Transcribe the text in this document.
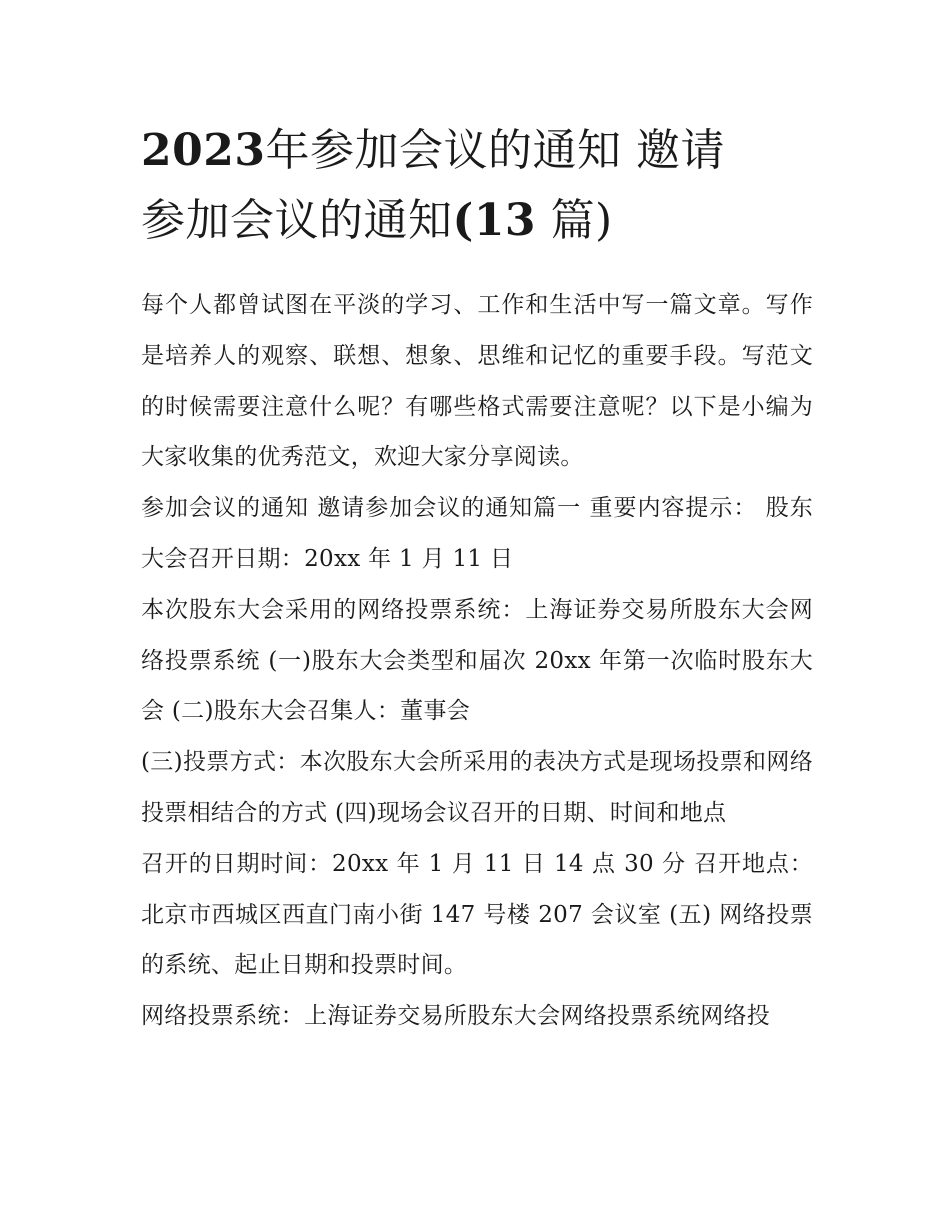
2023年参加会议的通知 邀请
参加会议的通知(13 篇)

每个人都曾试图在平淡的学习、工作和生活中写一篇文章。写作是培养人的观察、联想、想象、思维和记忆的重要手段。写范文的时候需要注意什么呢？有哪些格式需要注意呢？以下是小编为大家收集的优秀范文，欢迎大家分享阅读。

参加会议的通知 邀请参加会议的通知篇一 重要内容提示： 股东大会召开日期：20xx 年 1 月 11 日

本次股东大会采用的网络投票系统：上海证券交易所股东大会网络投票系统 (一)股东大会类型和届次 20xx 年第一次临时股东大会 (二)股东大会召集人：董事会

(三)投票方式：本次股东大会所采用的表决方式是现场投票和网络投票相结合的方式 (四)现场会议召开的日期、时间和地点

召开的日期时间：20xx 年 1 月 11 日 14 点 30 分 召开地点：北京市西城区西直门南小街 147 号楼 207 会议室 (五) 网络投票的系统、起止日期和投票时间。

网络投票系统：上海证券交易所股东大会网络投票系统网络投
